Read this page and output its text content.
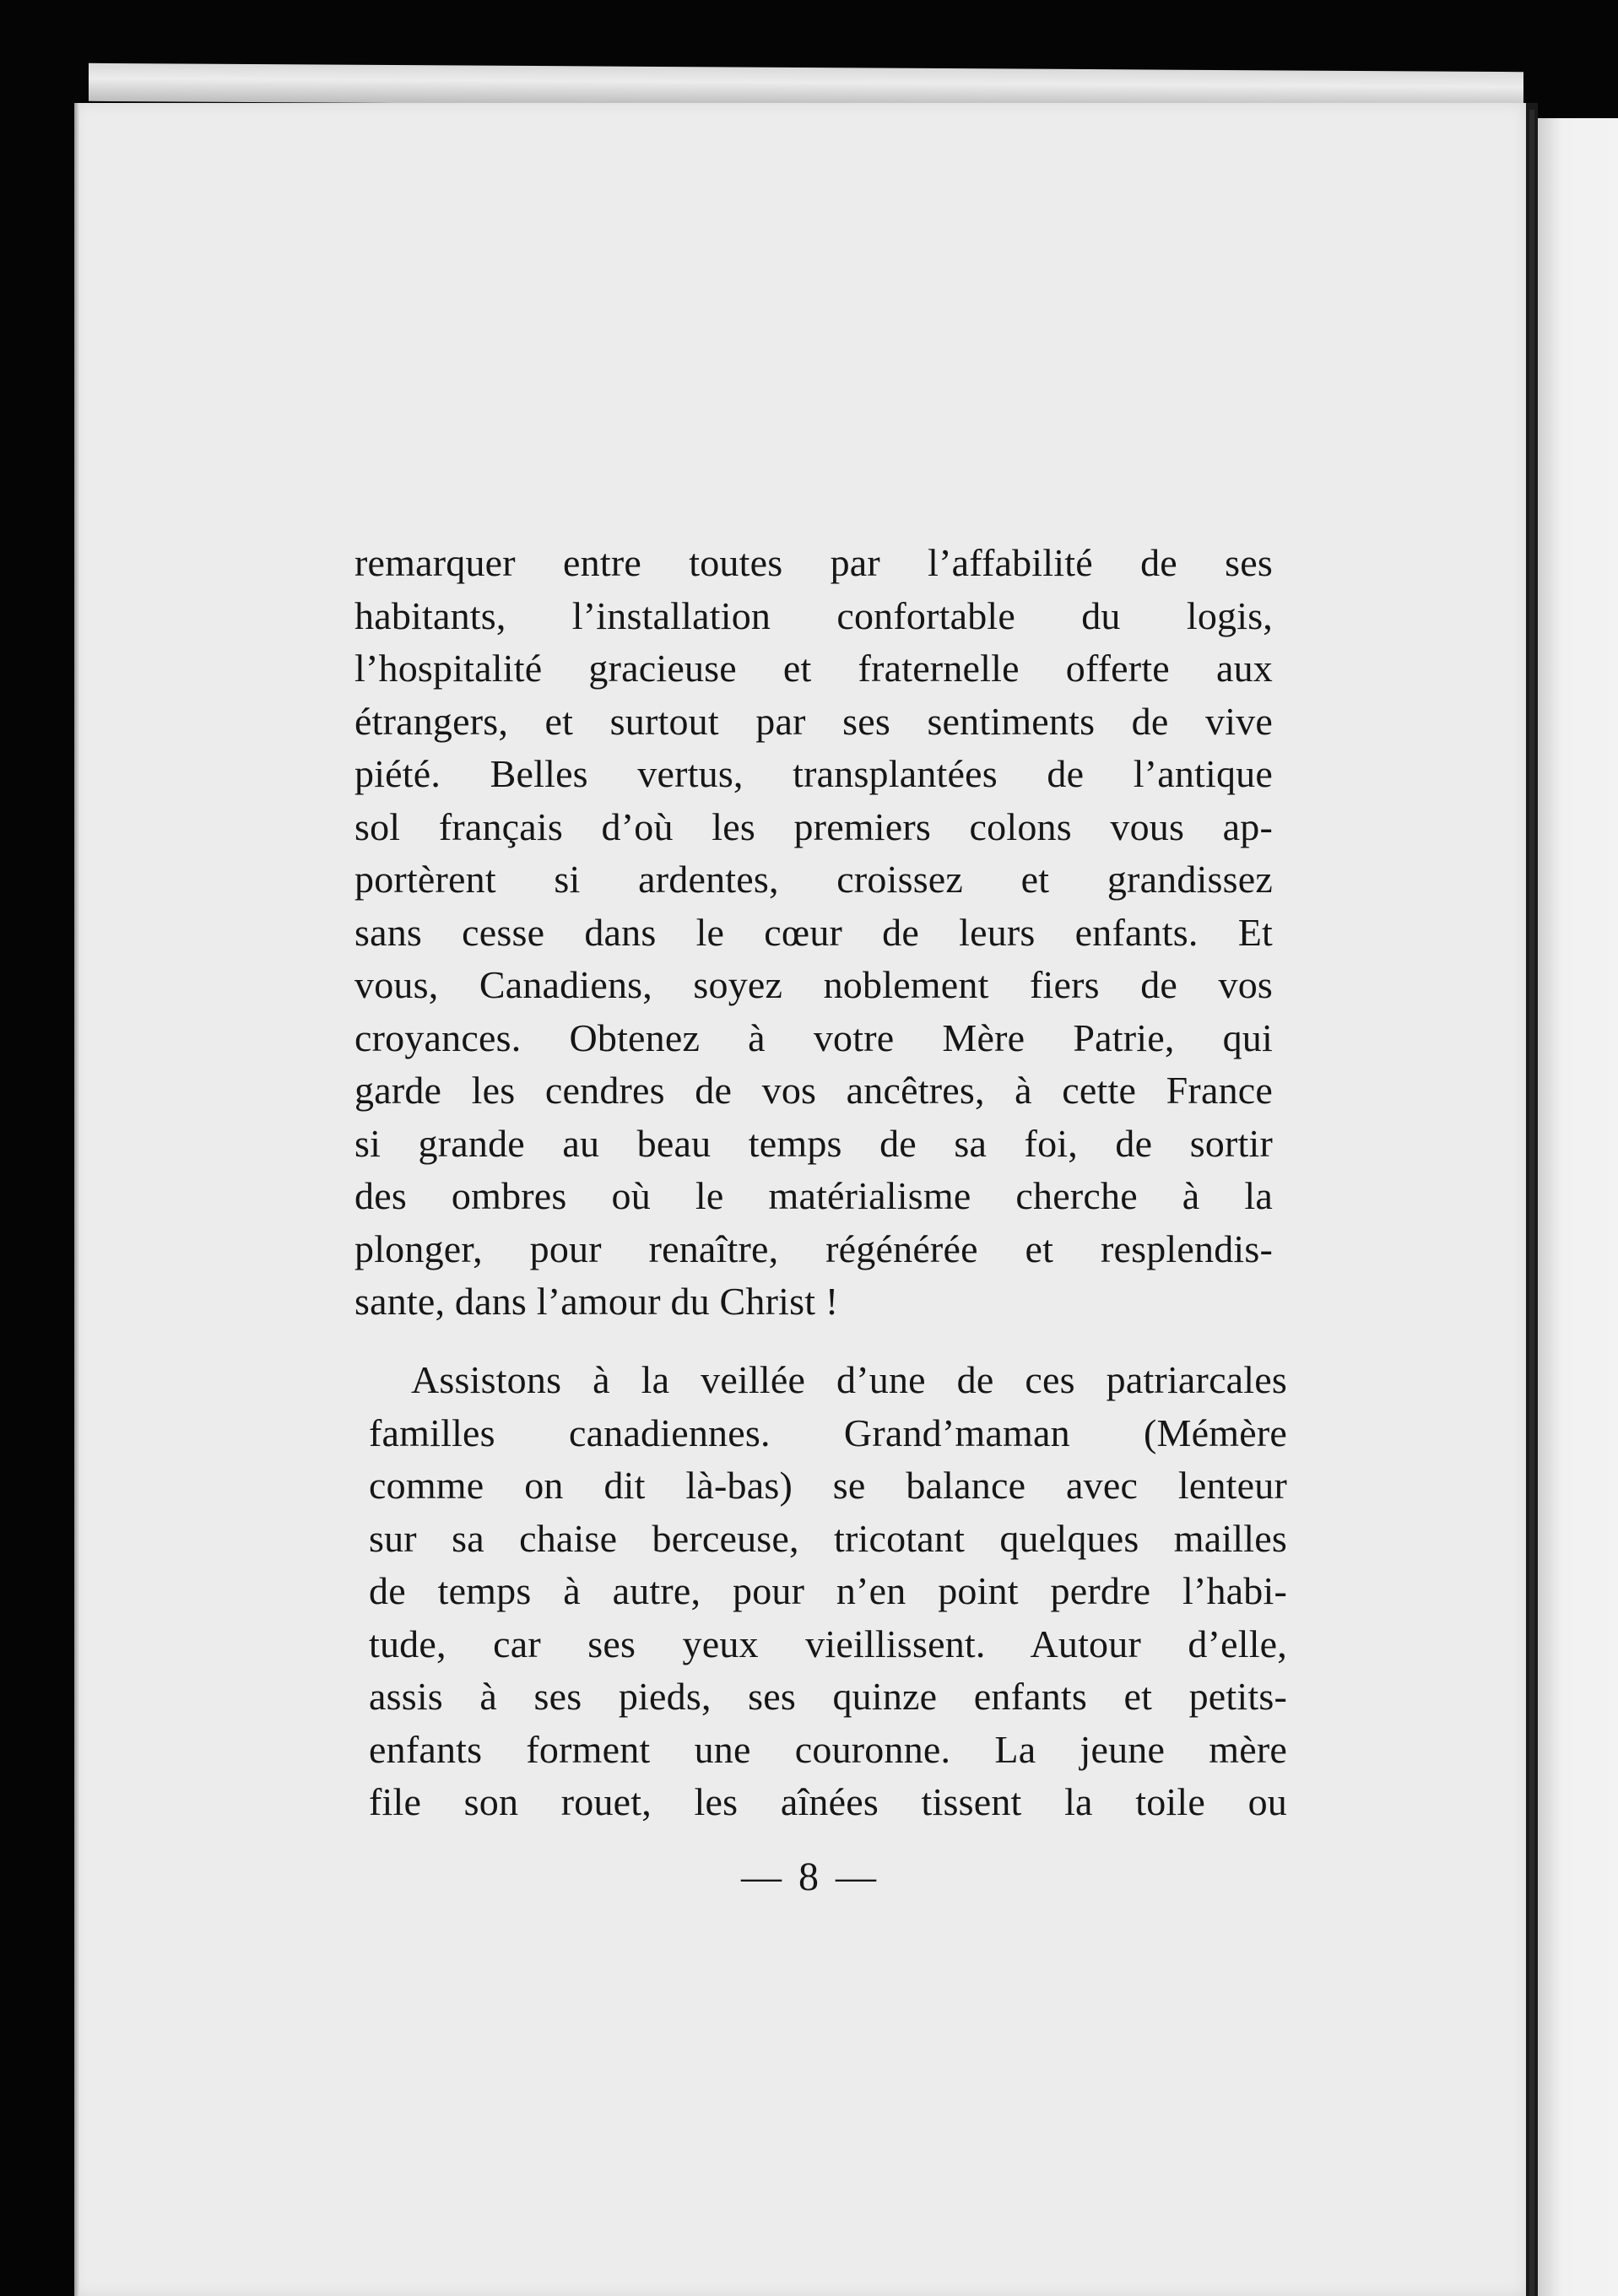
remarquer entre toutes par l’affabilité de ses
habitants, l’installation confortable du logis,
l’hospitalité gracieuse et fraternelle offerte aux
étrangers, et surtout par ses sentiments de vive
piété. Belles vertus, transplantées de l’antique
sol français d’où les premiers colons vous ap-
portèrent si ardentes, croissez et grandissez
sans cesse dans le cœur de leurs enfants. Et
vous, Canadiens, soyez noblement fiers de vos
croyances. Obtenez à votre Mère Patrie, qui
garde les cendres de vos ancêtres, à cette France
si grande au beau temps de sa foi, de sortir
des ombres où le matérialisme cherche à la
plonger, pour renaître, régénérée et resplendis-
sante, dans l’amour du Christ !
Assistons à la veillée d’une de ces patriarcales
familles canadiennes. Grand’maman (Mémère
comme on dit là-bas) se balance avec lenteur
sur sa chaise berceuse, tricotant quelques mailles
de temps à autre, pour n’en point perdre l’habi-
tude, car ses yeux vieillissent. Autour d’elle,
assis à ses pieds, ses quinze enfants et petits-
enfants forment une couronne. La jeune mère
file son rouet, les aînées tissent la toile ou
— 8 —
